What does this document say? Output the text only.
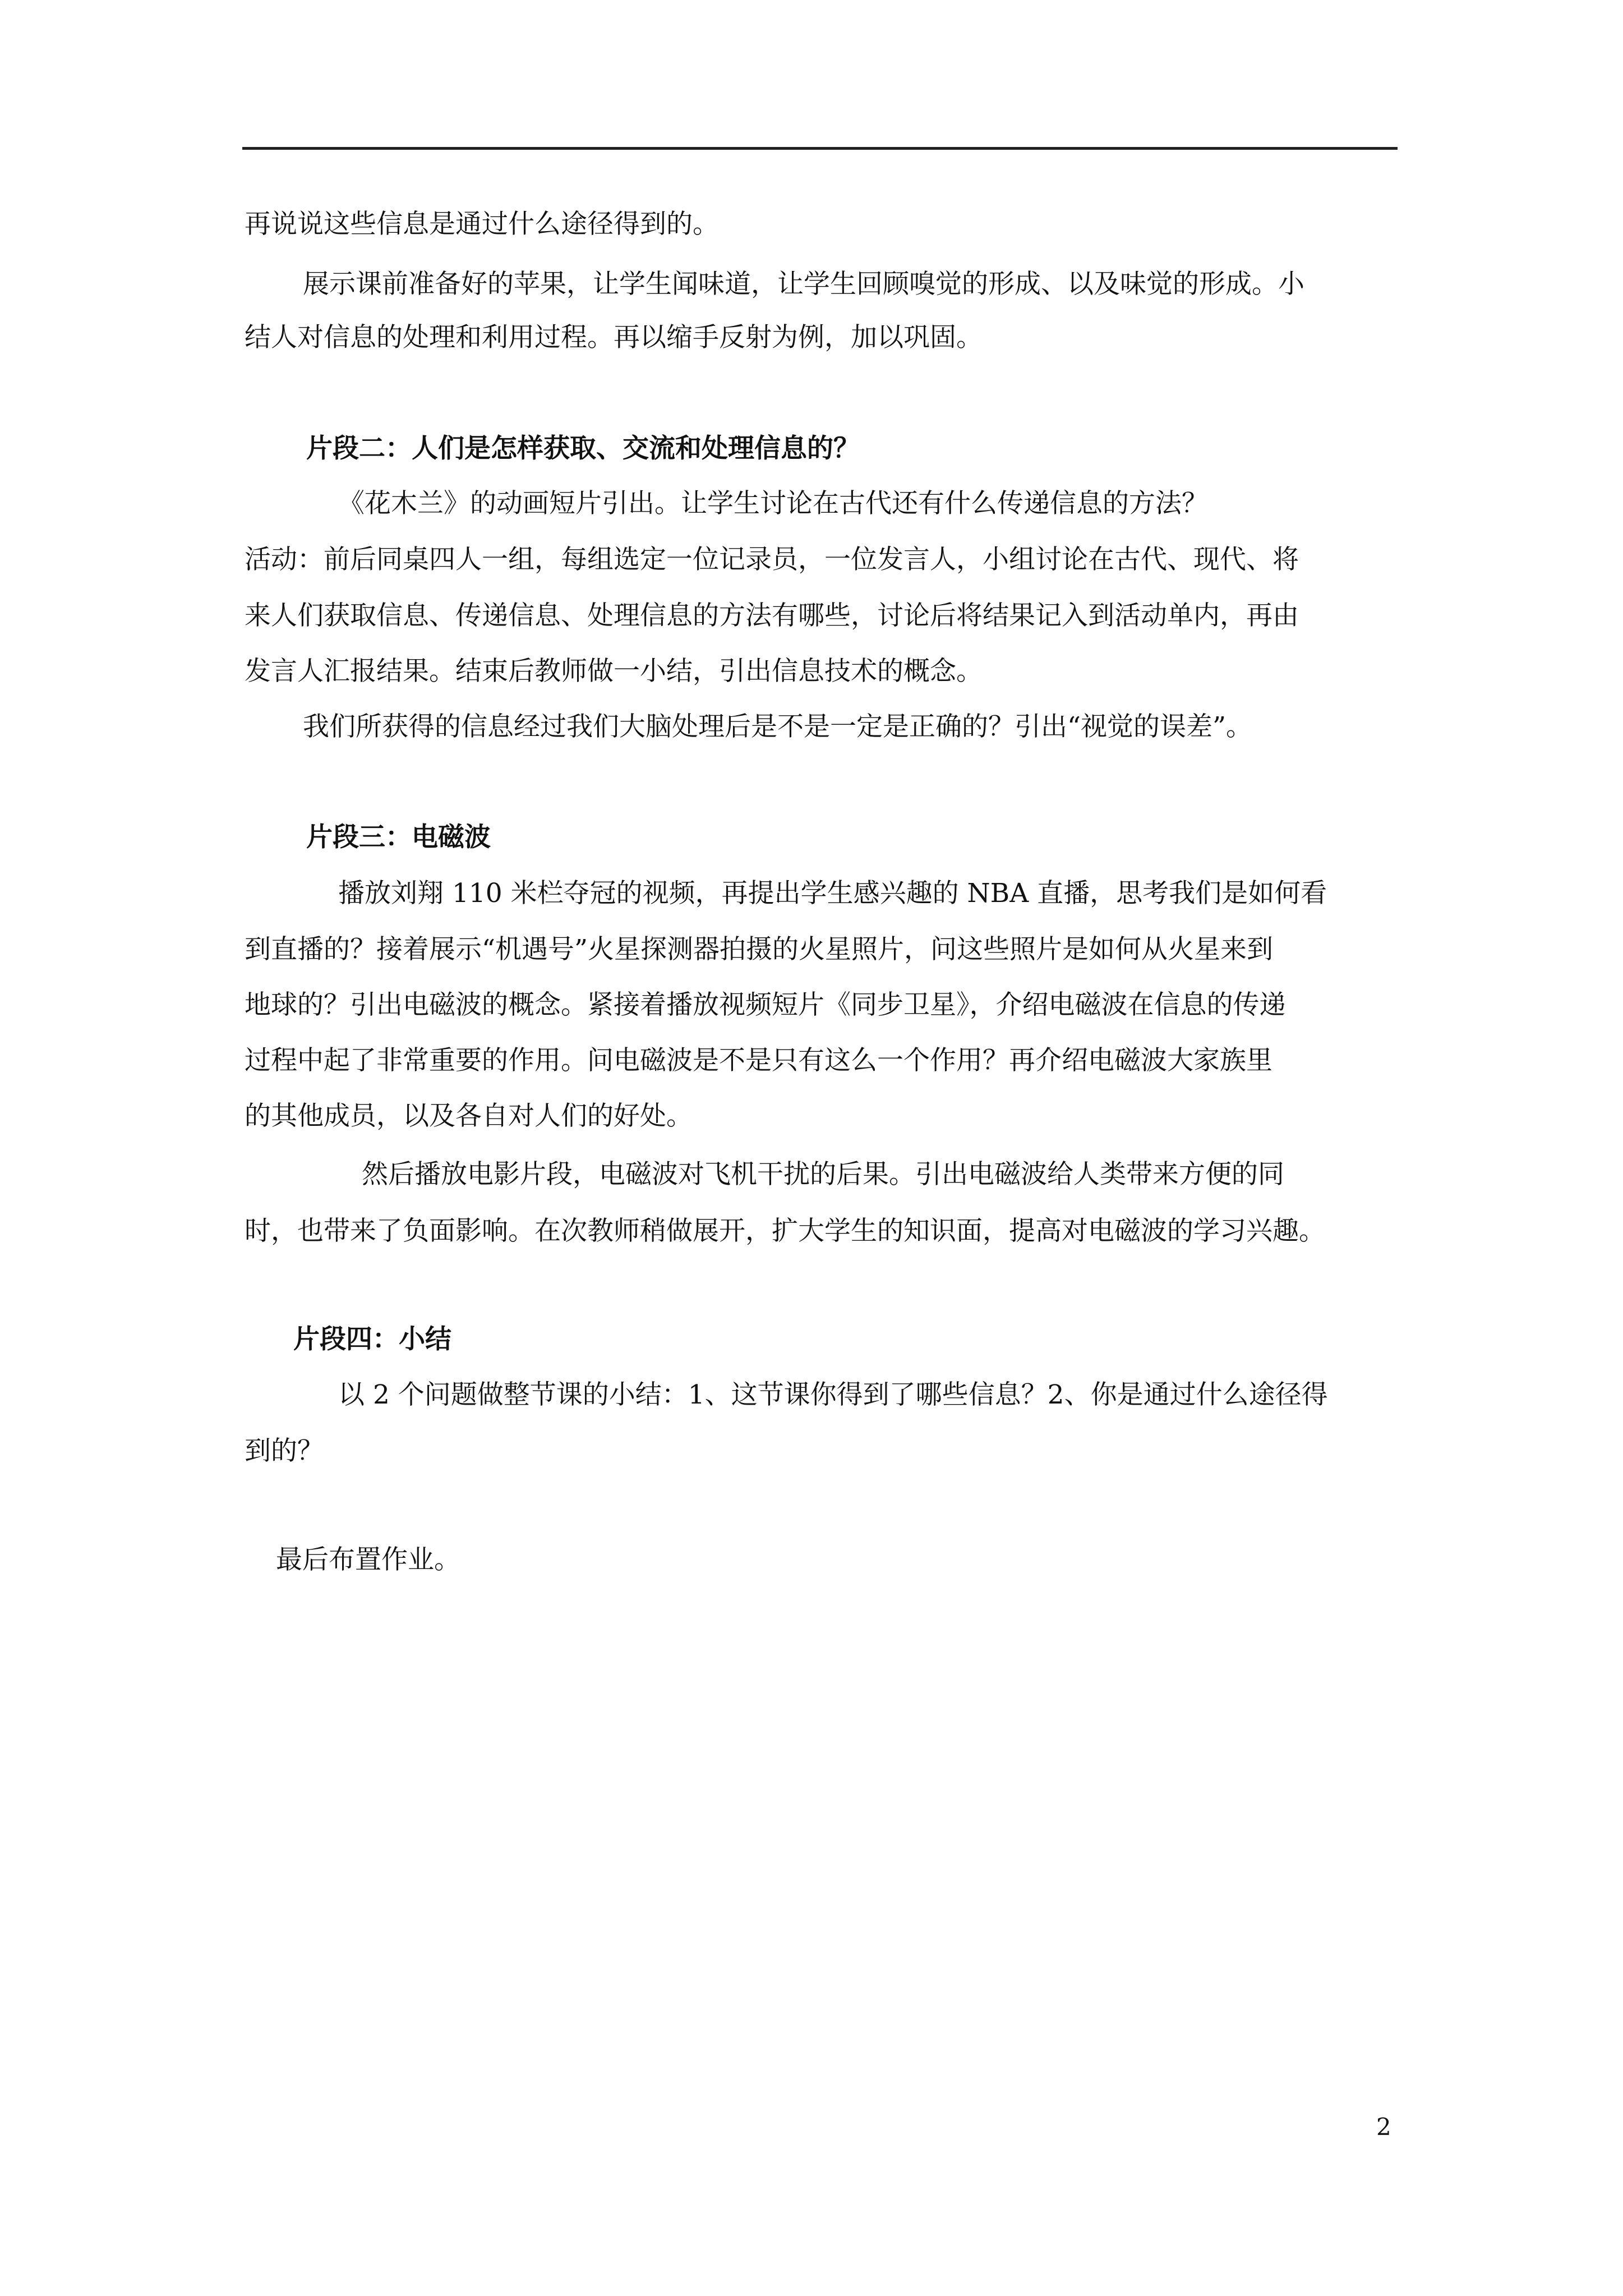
再说说这些信息是通过什么途径得到的。
展示课前准备好的苹果，让学生闻味道，让学生回顾嗅觉的形成、以及味觉的形成。小
结人对信息的处理和利用过程。再以缩手反射为例，加以巩固。
片段二：人们是怎样获取、交流和处理信息的？
《花木兰》的动画短片引出。让学生讨论在古代还有什么传递信息的方法？
活动：前后同桌四人一组，每组选定一位记录员，一位发言人，小组讨论在古代、现代、将
来人们获取信息、传递信息、处理信息的方法有哪些，讨论后将结果记入到活动单内，再由
发言人汇报结果。结束后教师做一小结，引出信息技术的概念。
我们所获得的信息经过我们大脑处理后是不是一定是正确的？引出“视觉的误差”。
片段三：电磁波
播放刘翔 110 米栏夺冠的视频，再提出学生感兴趣的 NBA 直播，思考我们是如何看
到直播的？接着展示“机遇号”火星探测器拍摄的火星照片，问这些照片是如何从火星来到
地球的？引出电磁波的概念。紧接着播放视频短片《同步卫星》，介绍电磁波在信息的传递
过程中起了非常重要的作用。问电磁波是不是只有这么一个作用？再介绍电磁波大家族里
的其他成员，以及各自对人们的好处。
然后播放电影片段，电磁波对飞机干扰的后果。引出电磁波给人类带来方便的同
时，也带来了负面影响。在次教师稍做展开，扩大学生的知识面，提高对电磁波的学习兴趣。
片段四：小结
以 2 个问题做整节课的小结：1、这节课你得到了哪些信息？2、你是通过什么途径得
到的？
最后布置作业。
2
